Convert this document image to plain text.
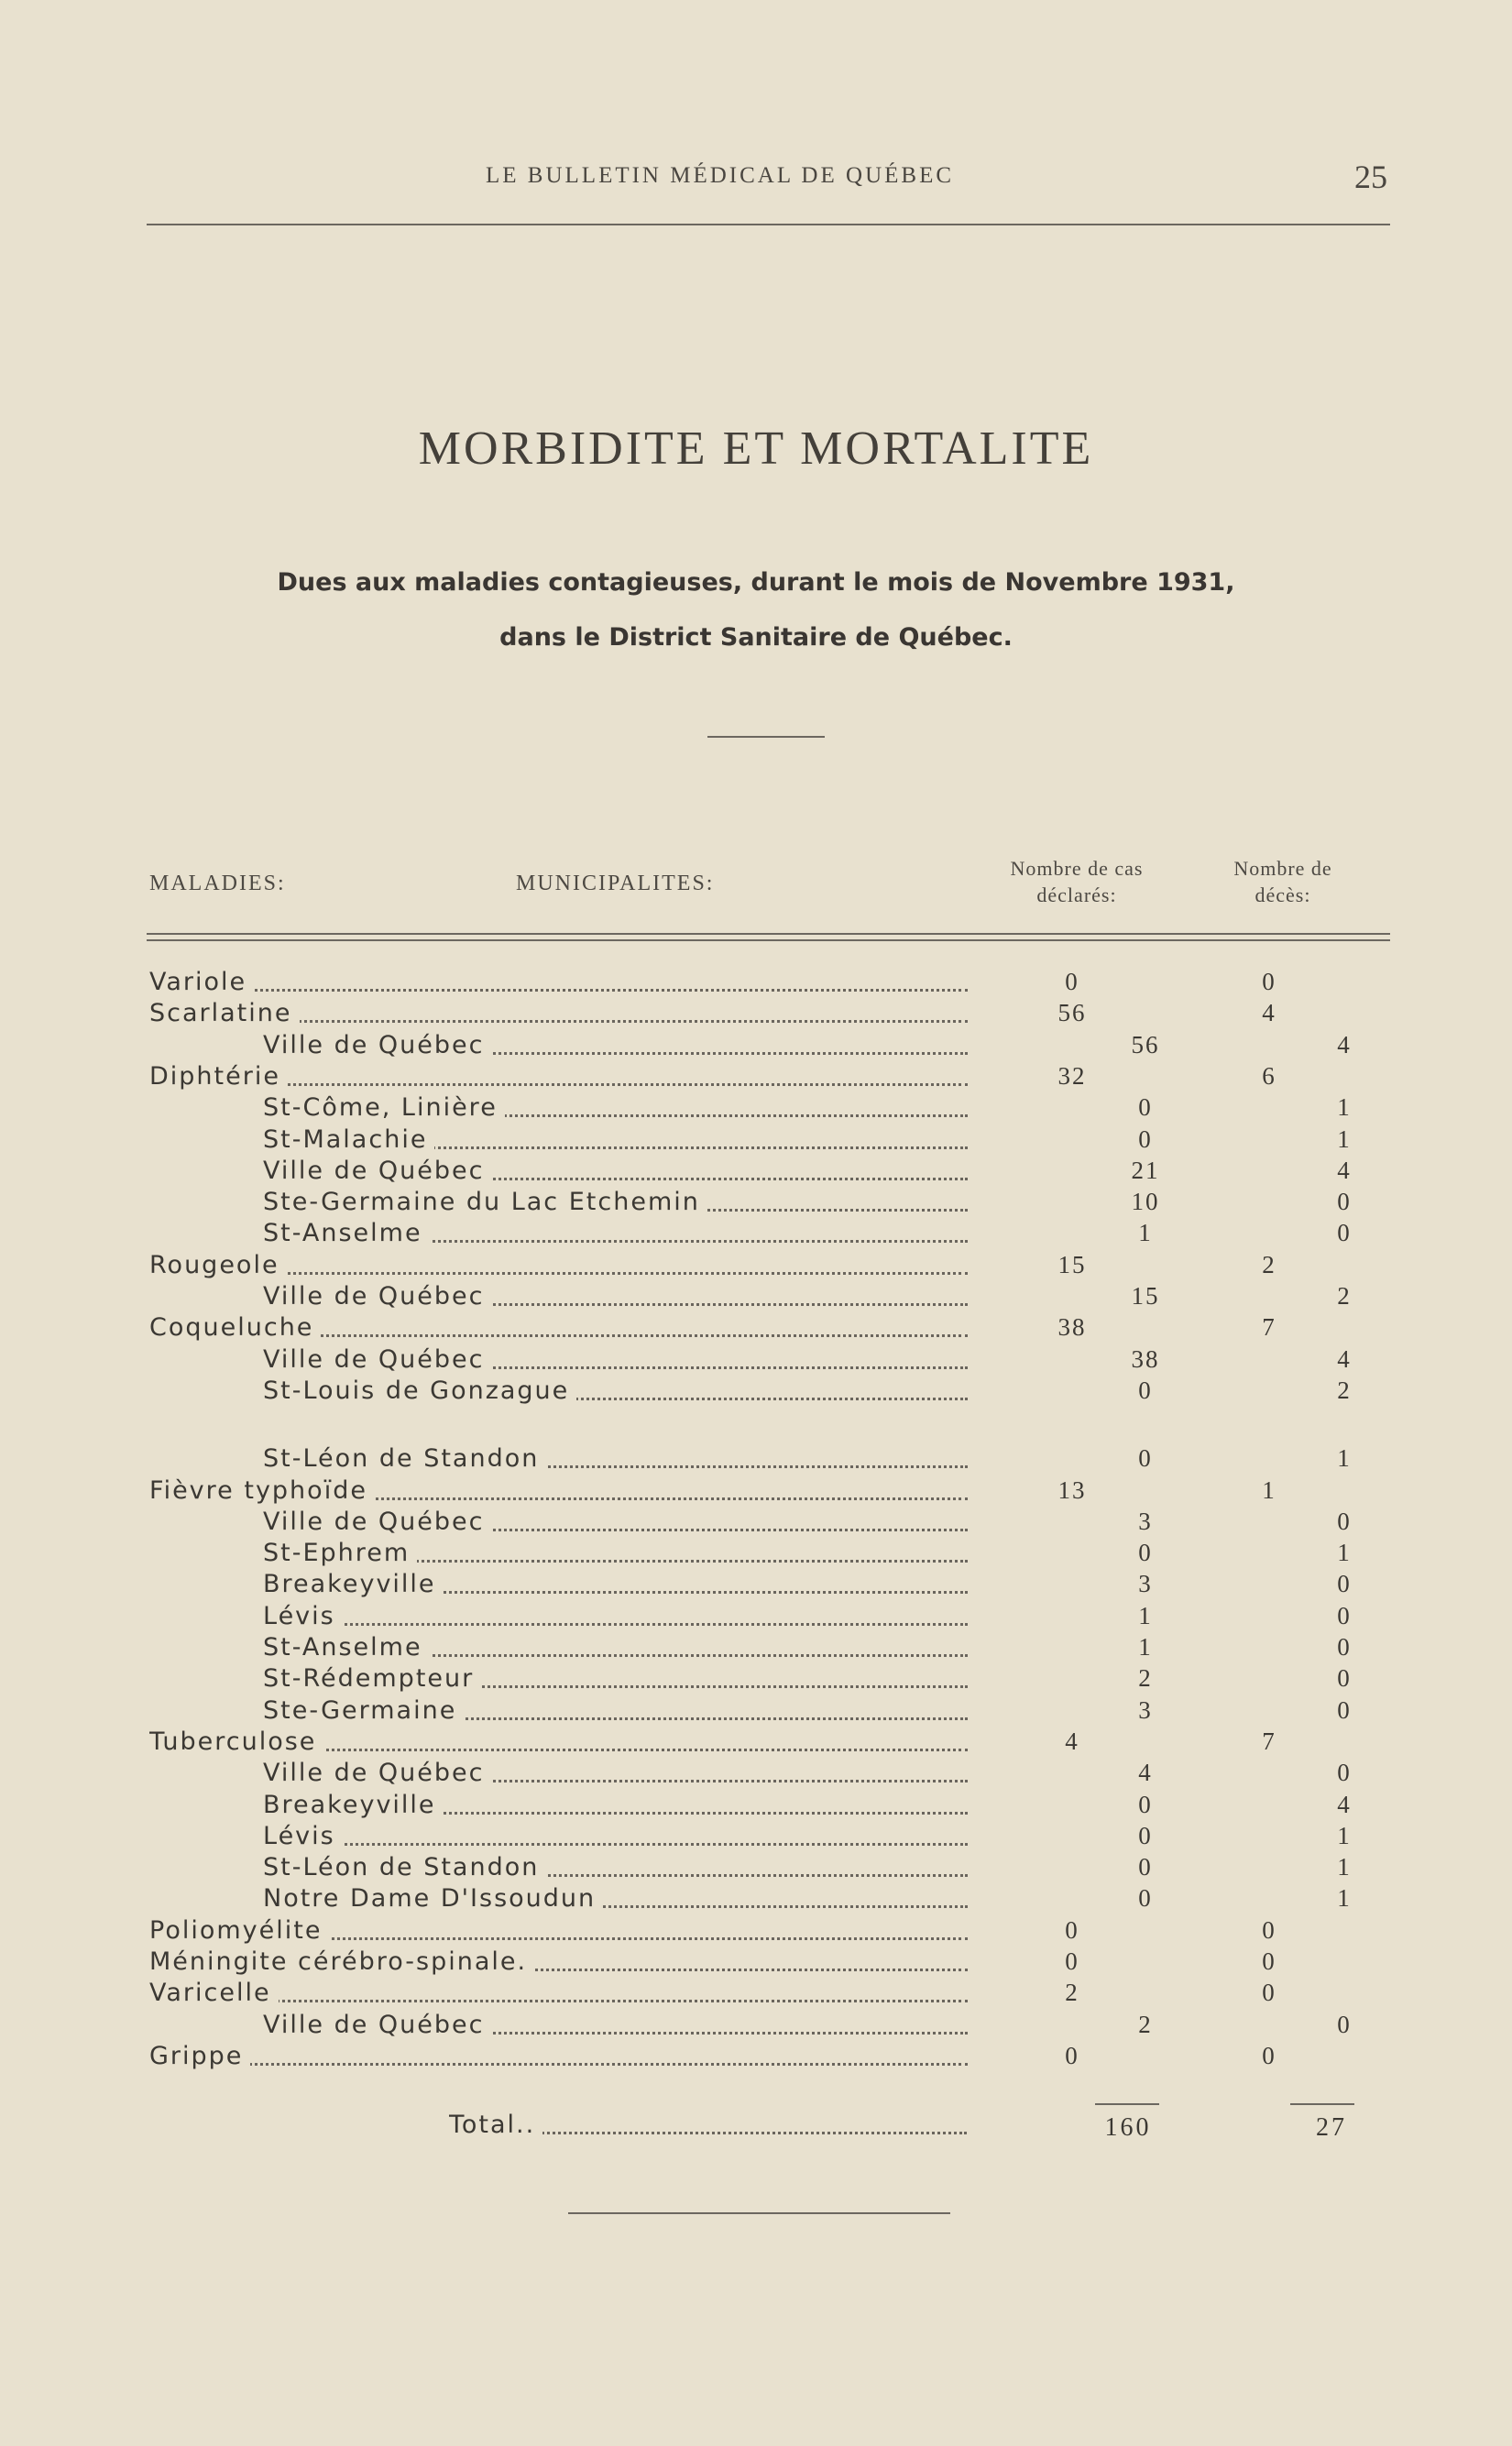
LE BULLETIN MÉDICAL DE QUÉBEC	25
MORBIDITE ET MORTALITE
Dues aux maladies contagieuses, durant le mois de Novembre 1931,
dans le District Sanitaire de Québec.
MALADIES:	MUNICIPALITES:
Nombre de cas
déclarés:
Nombre de
décès:
Variole	0	0
Scarlatine	56	4
Ville de Québec	56	4
Diphtérie	32	6
St-Côme, Linière	0	1
St-Malachie	0	1
Ville de Québec	21	4
Ste-Germaine du Lac Etchemin	10	0
St-Anselme	1	0
Rougeole	15	2
Ville de Québec	15	2
Coqueluche	38	7
Ville de Québec	38	4
St-Louis de Gonzague	0	2
St-Léon de Standon	0	1
Fièvre typhoïde	13	1
Ville de Québec	3	0
St-Ephrem	0	1
Breakeyville	3	0
Lévis	1	0
St-Anselme	1	0
St-Rédempteur	2	0
Ste-Germaine	3	0
Tuberculose	4	7
Ville de Québec	4	0
Breakeyville	0	4
Lévis	0	1
St-Léon de Standon	0	1
Notre Dame D'Issoudun	0	1
Poliomyélite	0	0
Méningite cérébro-spinale.	0	0
Varicelle	2	0
Ville de Québec	2	0
Grippe	0	0
Total..	160	27
